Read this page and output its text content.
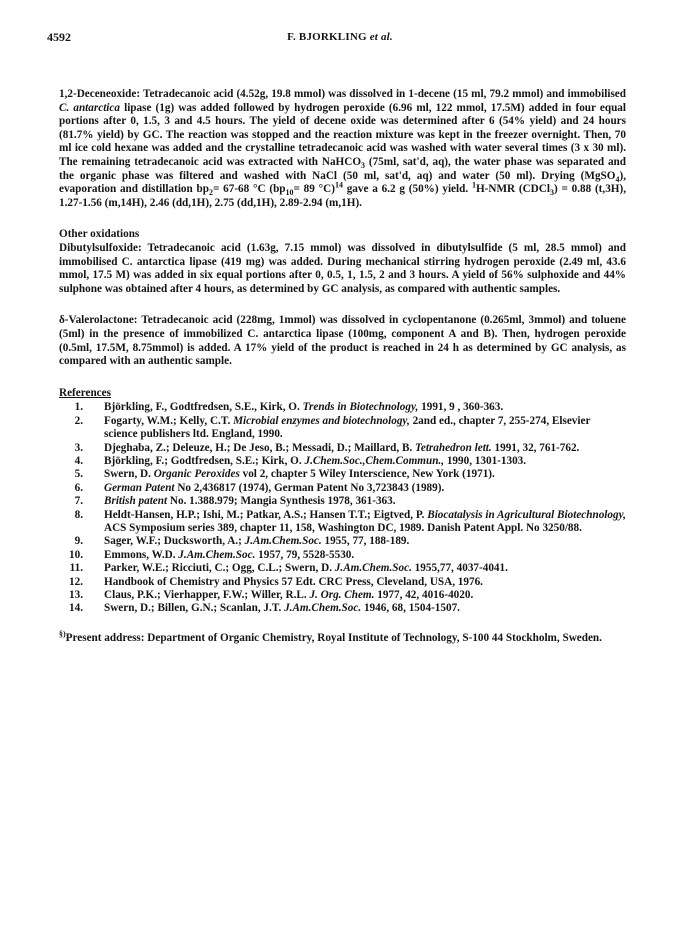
4592	F. BJORKLING et al.

1,2-Deceneoxide: Tetradecanoic acid (4.52g, 19.8 mmol) was dissolved in 1-decene (15 ml, 79.2 mmol) and immobilised C. antarctica lipase (1g) was added followed by hydrogen peroxide (6.96 ml, 122 mmol, 17.5M) added in four equal portions after 0, 1.5, 3 and 4.5 hours. The yield of decene oxide was determined after 6 (54% yield) and 24 hours (81.7% yield) by GC. The reaction was stopped and the reaction mixture was kept in the freezer overnight. Then, 70 ml ice cold hexane was added and the crystalline tetradecanoic acid was washed with water several times (3 x 30 ml). The remaining tetradecanoic acid was extracted with NaHCO$_3$ (75ml, sat'd, aq), the water phase was separated and the organic phase was filtered and washed with NaCl (50 ml, sat'd, aq) and water (50 ml). Drying (MgSO$_4$), evaporation and distillation $bp_2= 67-68$ °C ($bp_{10}= 89$ °C)$^{14}$ gave a 6.2 g (50%) yield. $^1$H-NMR (CDCl$_3$) = 0.88 (t,3H), 1.27-1.56 (m,14H), 2.46 (dd,1H), 2.75 (dd,1H), 2.89-2.94 (m,1H).

Other oxidations

Dibutylsulfoxide: Tetradecanoic acid (1.63g, 7.15 mmol) was dissolved in dibutylsulfide (5 ml, 28.5 mmol) and immobilised C. antarctica lipase (419 mg) was added. During mechanical stirring hydrogen peroxide (2.49 ml, 43.6 mmol, 17.5 M) was added in six equal portions after 0, 0.5, 1, 1.5, 2 and 3 hours. A yield of 56% sulphoxide and 44% sulphone was obtained after 4 hours, as determined by GC analysis, as compared with authentic samples.

δ-Valerolactone: Tetradecanoic acid (228mg, 1mmol) was dissolved in cyclopentanone (0.265ml, 3mmol) and toluene (5ml) in the presence of immobilized C. antarctica lipase (100mg, component A and B). Then, hydrogen peroxide (0.5ml, 17.5M, 8.75mmol) is added. A 17% yield of the product is reached in 24 h as determined by GC analysis, as compared with an authentic sample.

References

1. Björkling, F., Godtfredsen, S.E., Kirk, O. Trends in Biotechnology, 1991, 9 , 360-363.
2. Fogarty, W.M.; Kelly, C.T. Microbial enzymes and biotechnology, 2and ed., chapter 7, 255-274, Elsevier science publishers ltd. England, 1990.
3. Djeghaba, Z.; Deleuze, H.; De Jeso, B.; Messadi, D.; Maillard, B. Tetrahedron lett. 1991, 32, 761-762.
4. Björkling, F.; Godtfredsen, S.E.; Kirk, O. J.Chem.Soc.,Chem.Commun., 1990, 1301-1303.
5. Swern, D. Organic Peroxides vol 2, chapter 5 Wiley Interscience, New York (1971).
6. German Patent No 2,436817 (1974), German Patent No 3,723843 (1989).
7. British patent No. 1.388.979; Mangia Synthesis 1978, 361-363.
8. Heldt-Hansen, H.P.; Ishi, M.; Patkar, A.S.; Hansen T.T.; Eigtved, P. Biocatalysis in Agricultural Biotechnology, ACS Symposium series 389, chapter 11, 158, Washington DC, 1989. Danish Patent Appl. No 3250/88.
9. Sager, W.F.; Ducksworth, A.; J.Am.Chem.Soc. 1955, 77, 188-189.
10. Emmons, W.D. J.Am.Chem.Soc. 1957, 79, 5528-5530.
11. Parker, W.E.; Ricciuti, C.; Ogg, C.L.; Swern, D. J.Am.Chem.Soc. 1955,77, 4037-4041.
12. Handbook of Chemistry and Physics 57 Edt. CRC Press, Cleveland, USA, 1976.
13. Claus, P.K.; Vierhapper, F.W.; Willer, R.L. J. Org. Chem. 1977, 42, 4016-4020.
14. Swern, D.; Billen, G.N.; Scanlan, J.T. J.Am.Chem.Soc. 1946, 68, 1504-1507.

§)Present address: Department of Organic Chemistry, Royal Institute of Technology, S-100 44 Stockholm, Sweden.
